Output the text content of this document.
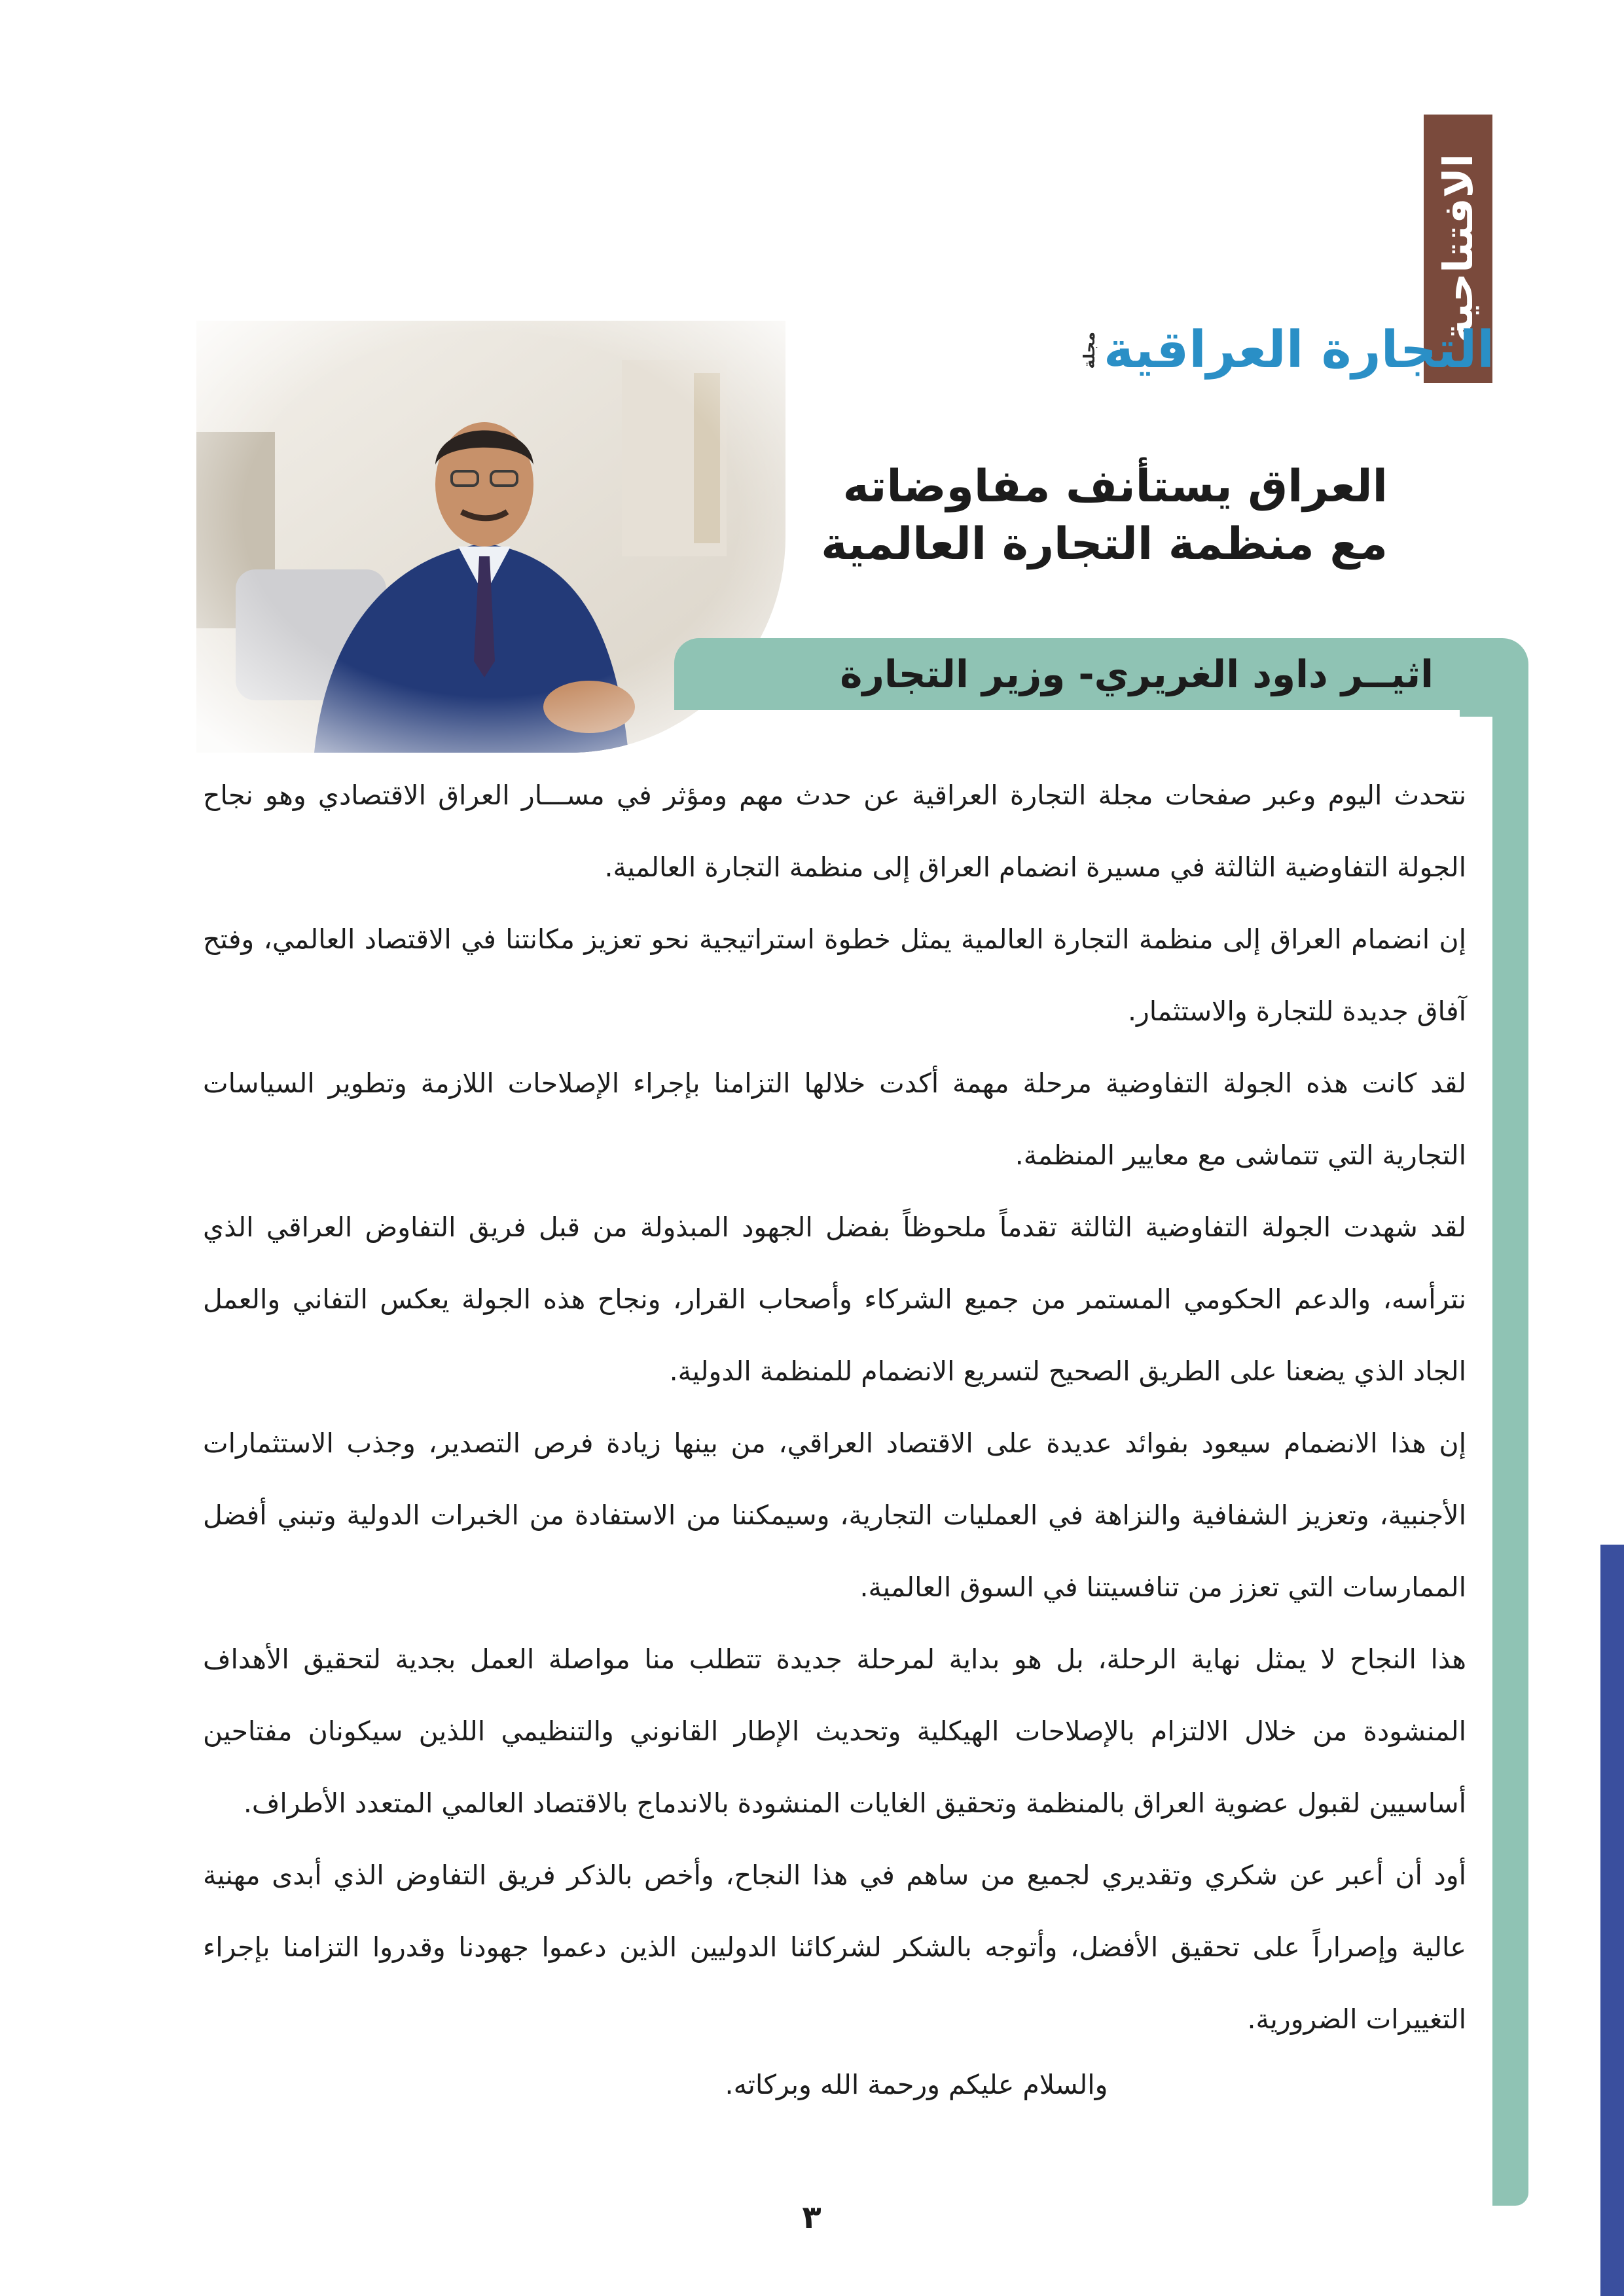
الافتتاحية
التجارة العراقية
مجلة
العراق يستأنف مفاوضاته
مع منظمة التجارة العالمية
اثيــر داود الغريري- وزير التجارة

نتحدث اليوم وعبر صفحات مجلة التجارة العراقية عن حدث مهم ومؤثر في مســـار العراق الاقتصادي وهو نجاح الجولة التفاوضية الثالثة في مسيرة انضمام العراق إلى منظمة التجارة العالمية.

إن انضمام العراق إلى منظمة التجارة العالمية يمثل خطوة استراتيجية نحو تعزيز مكانتنا في الاقتصاد العالمي، وفتح آفاق جديدة للتجارة والاستثمار.

لقد كانت هذه الجولة التفاوضية مرحلة مهمة أكدت خلالها التزامنا بإجراء الإصلاحات اللازمة وتطوير السياسات التجارية التي تتماشى مع معايير المنظمة.

لقد شهدت الجولة التفاوضية الثالثة تقدماً ملحوظاً بفضل الجهود المبذولة من قبل فريق التفاوض العراقي الذي نترأسه، والدعم الحكومي المستمر من جميع الشركاء وأصحاب القرار، ونجاح هذه الجولة يعكس التفاني والعمل الجاد الذي يضعنا على الطريق الصحيح لتسريع الانضمام للمنظمة الدولية.

إن هذا الانضمام سيعود بفوائد عديدة على الاقتصاد العراقي، من بينها زيادة فرص التصدير، وجذب الاستثمارات الأجنبية، وتعزيز الشفافية والنزاهة في العمليات التجارية، وسيمكننا من الاستفادة من الخبرات الدولية وتبني أفضل الممارسات التي تعزز من تنافسيتنا في السوق العالمية.

هذا النجاح لا يمثل نهاية الرحلة، بل هو بداية لمرحلة جديدة تتطلب منا مواصلة العمل بجدية لتحقيق الأهداف المنشودة من خلال الالتزام بالإصلاحات الهيكلية وتحديث الإطار القانوني والتنظيمي اللذين سيكونان مفتاحين أساسيين لقبول عضوية العراق بالمنظمة وتحقيق الغايات المنشودة بالاندماج بالاقتصاد العالمي المتعدد الأطراف.

أود أن أعبر عن شكري وتقديري لجميع من ساهم في هذا النجاح، وأخص بالذكر فريق التفاوض الذي أبدى مهنية عالية وإصراراً على تحقيق الأفضل، وأتوجه بالشكر لشركائنا الدوليين الذين دعموا جهودنا وقدروا التزامنا بإجراء التغييرات الضرورية.

والسلام عليكم ورحمة الله وبركاته.
٣
